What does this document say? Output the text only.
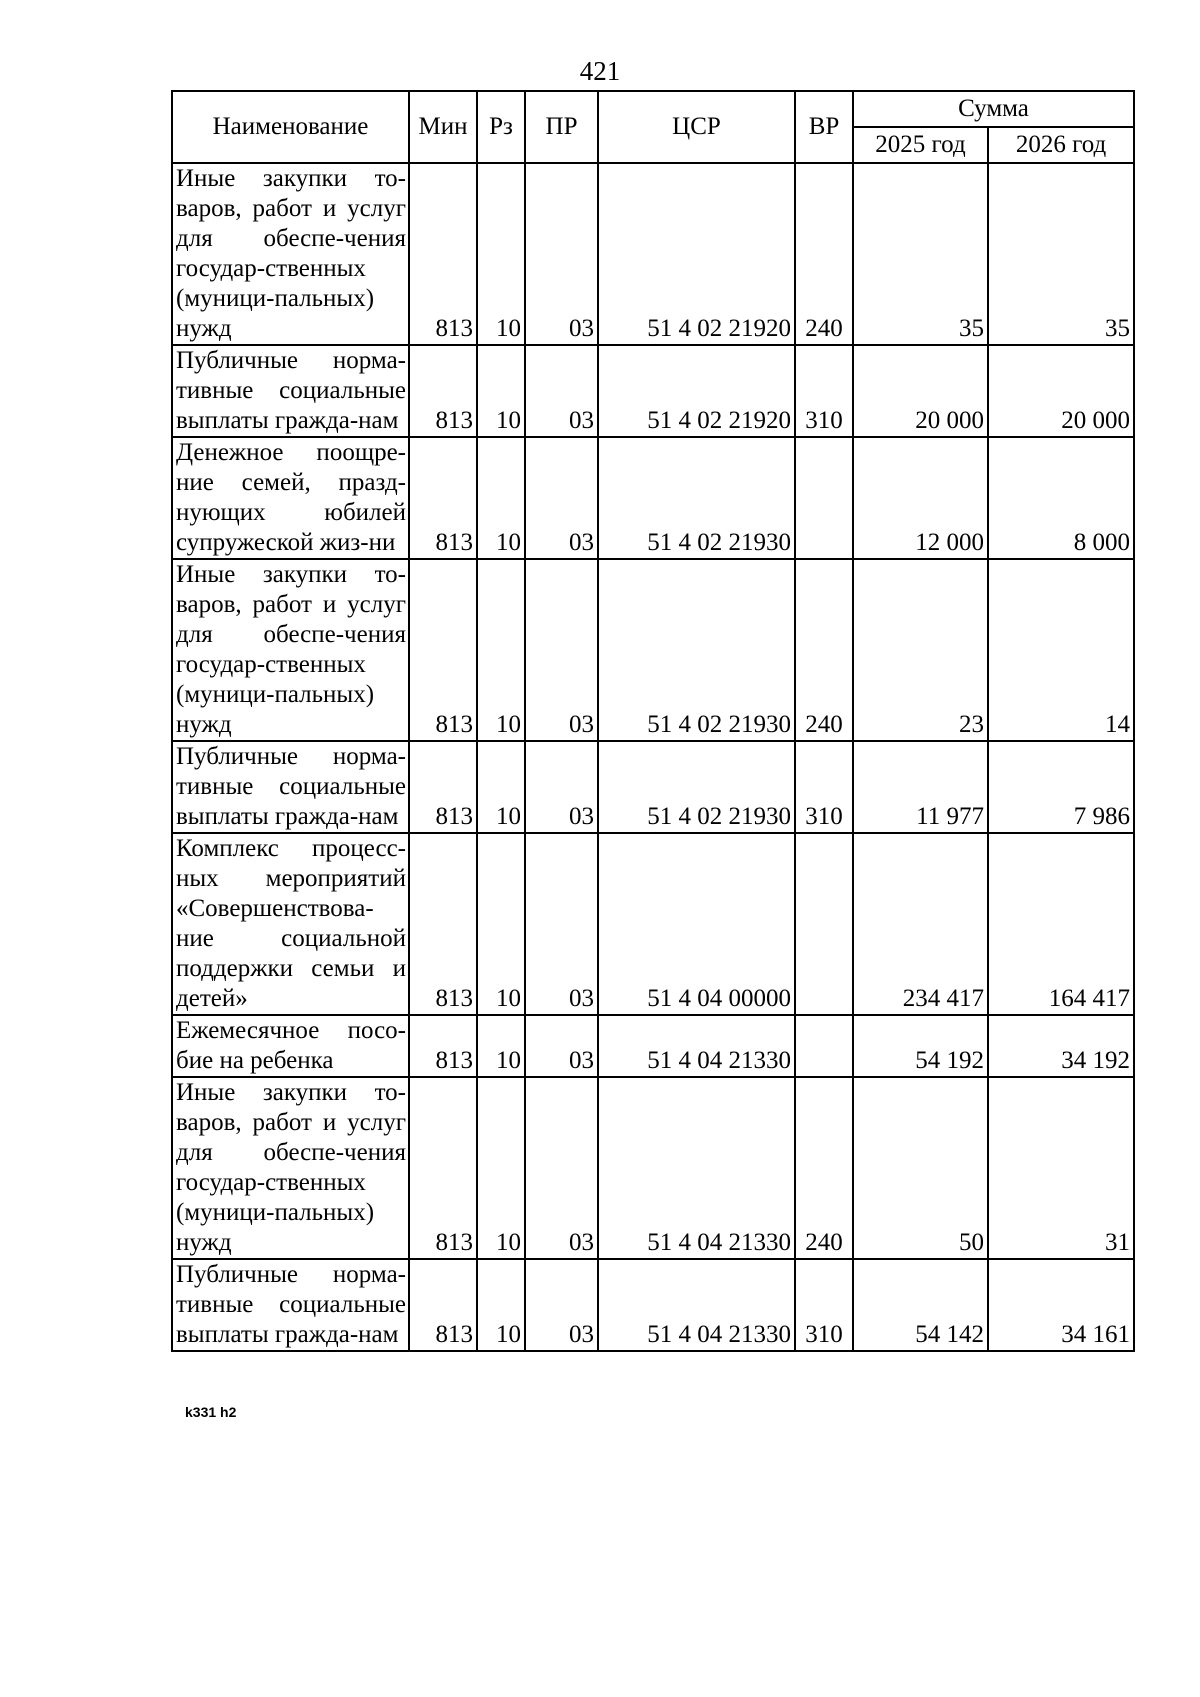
421
Наименование	Мин	Рз	ПР	ЦСР	ВР	Сумма	
						2025 год	2026 год
Иные закупки то-варов, работ и услуг для обеспе-чения государ-ственных (муници-пальных) нужд	813	10	03	51 4 02 21920	240	35	35
Публичные норма-тивные социальные выплаты гражда-нам	813	10	03	51 4 02 21920	310	20 000	20 000
Денежное поощре-ние семей, празд-нующих юбилей супружеской жиз-ни	813	10	03	51 4 02 21930		12 000	8 000
Иные закупки то-варов, работ и услуг для обеспе-чения государ-ственных (муници-пальных) нужд	813	10	03	51 4 02 21930	240	23	14
Публичные норма-тивные социальные выплаты гражда-нам	813	10	03	51 4 02 21930	310	11 977	7 986
Комплекс процесс-ных мероприятий «Совершенствова-ние социальной поддержки семьи и детей»	813	10	03	51 4 04 00000		234 417	164 417
Ежемесячное посо-бие на ребенка	813	10	03	51 4 04 21330		54 192	34 192
Иные закупки то-варов, работ и услуг для обеспе-чения государ-ственных (муници-пальных) нужд	813	10	03	51 4 04 21330	240	50	31
Публичные норма-тивные социальные выплаты гражда-нам	813	10	03	51 4 04 21330	310	54 142	34 161
k331 h2
